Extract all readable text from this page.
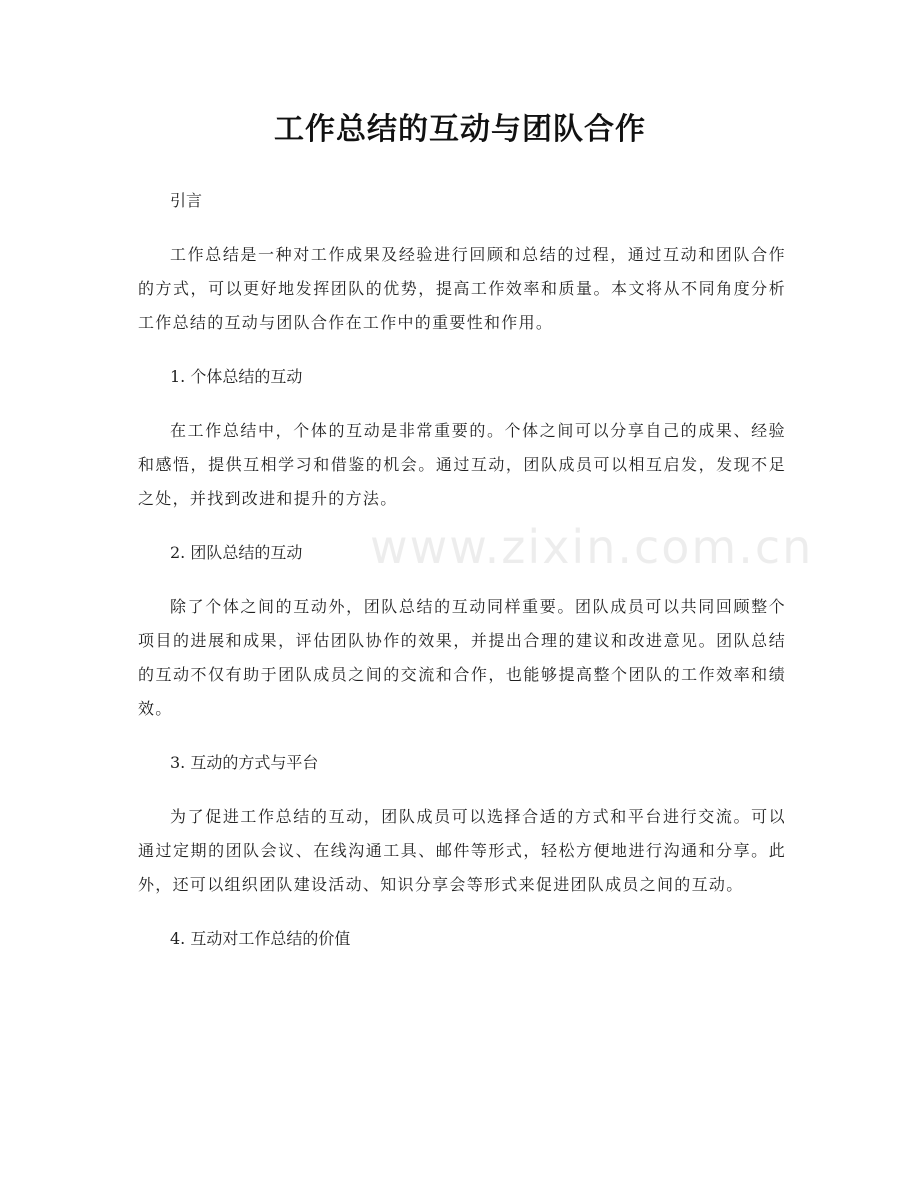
www.zixin.com.cn
工作总结的互动与团队合作

引言

工作总结是一种对工作成果及经验进行回顾和总结的过程，通过互动和团队合作的方式，可以更好地发挥团队的优势，提高工作效率和质量。本文将从不同角度分析工作总结的互动与团队合作在工作中的重要性和作用。

1. 个体总结的互动

在工作总结中，个体的互动是非常重要的。个体之间可以分享自己的成果、经验和感悟，提供互相学习和借鉴的机会。通过互动，团队成员可以相互启发，发现不足之处，并找到改进和提升的方法。

2. 团队总结的互动

除了个体之间的互动外，团队总结的互动同样重要。团队成员可以共同回顾整个项目的进展和成果，评估团队协作的效果，并提出合理的建议和改进意见。团队总结的互动不仅有助于团队成员之间的交流和合作，也能够提高整个团队的工作效率和绩效。

3. 互动的方式与平台

为了促进工作总结的互动，团队成员可以选择合适的方式和平台进行交流。可以通过定期的团队会议、在线沟通工具、邮件等形式，轻松方便地进行沟通和分享。此外，还可以组织团队建设活动、知识分享会等形式来促进团队成员之间的互动。

4. 互动对工作总结的价值
